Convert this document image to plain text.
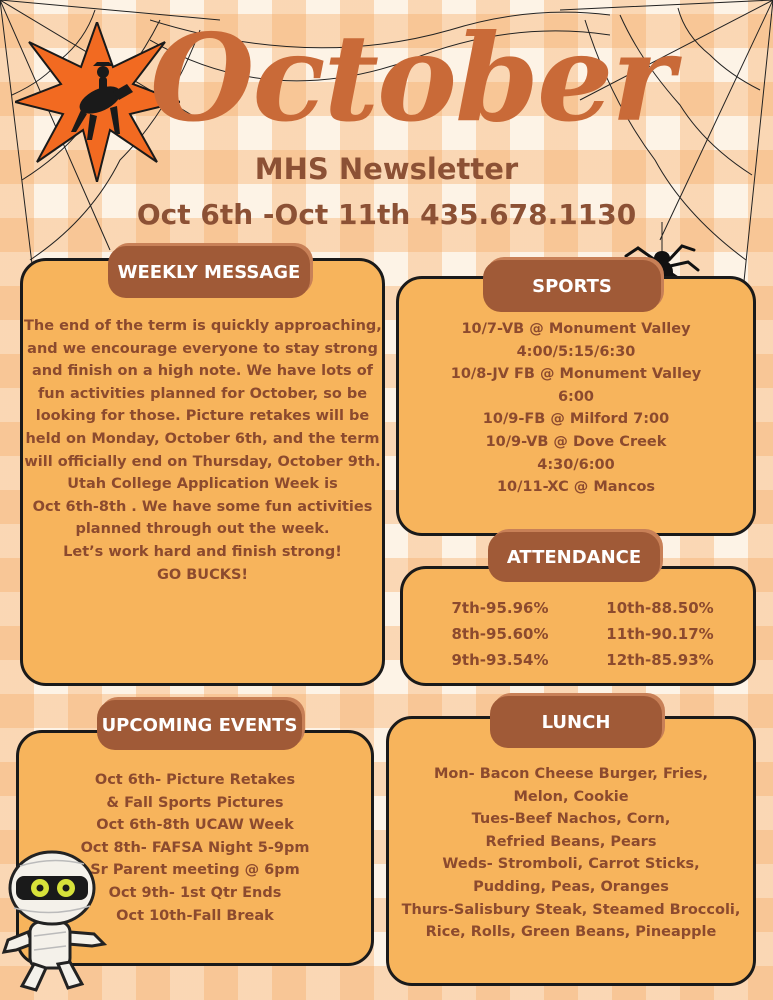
October
MHS Newsletter
Oct 6th -Oct 11th 435.678.1130
WEEKLY MESSAGE
The end of the term is quickly approaching,
and we encourage everyone to stay strong
and finish on a high note. We have lots of
fun activities planned for October, so be
looking for those. Picture retakes will be
held on Monday, October 6th, and the term
will officially end on Thursday, October 9th.
Utah College Application Week is
Oct 6th-8th . We have some fun activities
planned through out the week.
Let’s work hard and finish strong!
GO BUCKS!
SPORTS
10/7-VB @ Monument Valley
4:00/5:15/6:30
10/8-JV FB @ Monument Valley
6:00
10/9-FB @ Milford 7:00
10/9-VB @ Dove Creek
4:30/6:00
10/11-XC @ Mancos
ATTENDANCE
7th-95.96%	10th-88.50%
8th-95.60%	11th-90.17%
9th-93.54%	12th-85.93%
UPCOMING EVENTS
Oct 6th- Picture Retakes
& Fall Sports Pictures
Oct 6th-8th UCAW Week
Oct 8th- FAFSA Night 5-9pm
Sr Parent meeting @ 6pm
Oct 9th- 1st Qtr Ends
Oct 10th-Fall Break
LUNCH
Mon- Bacon Cheese Burger, Fries,
Melon, Cookie
Tues-Beef Nachos, Corn,
Refried Beans, Pears
Weds- Stromboli, Carrot Sticks,
Pudding, Peas, Oranges
Thurs-Salisbury Steak, Steamed Broccoli,
Rice, Rolls, Green Beans, Pineapple
